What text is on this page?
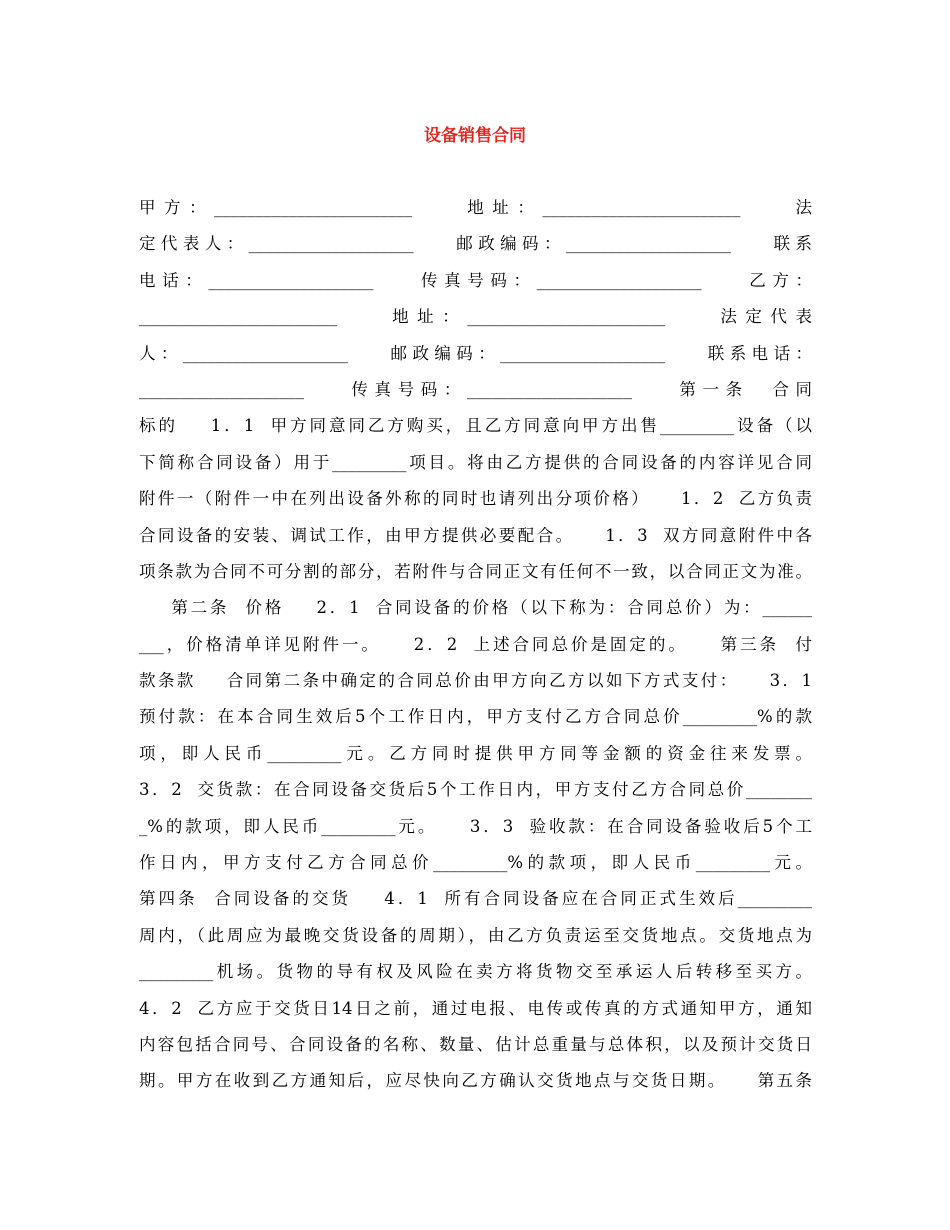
设备销售合同
甲方：________________________    地址：________________________    法
定代表人：____________________    邮政编码：____________________    联系
电话：____________________    传真号码：____________________    乙方：
________________________    地址：________________________    法定代表
人：____________________    邮政编码：____________________    联系电话：
____________________    传真号码：____________________    第一条  合同
标的    1．1  甲方同意同乙方购买，且乙方同意向甲方出售_________设备（以
下简称合同设备）用于_________项目。将由乙方提供的合同设备的内容详见合同
附件一（附件一中在列出设备外称的同时也请列出分项价格）    1．2  乙方负责
合同设备的安装、调试工作，由甲方提供必要配合。    1．3  双方同意附件中各
项条款为合同不可分割的部分，若附件与合同正文有任何不一致，以合同正文为准。
第二条  价格    2．1  合同设备的价格（以下称为：合同总价）为：______
___，价格清单详见附件一。    2．2  上述合同总价是固定的。    第三条  付
款条款    合同第二条中确定的合同总价由甲方向乙方以如下方式支付：    3．1
预付款：在本合同生效后5个工作日内，甲方支付乙方合同总价_________%的款
项，即人民币_________元。乙方同时提供甲方同等金额的资金往来发票。
3．2  交货款：在合同设备交货后5个工作日内，甲方支付乙方合同总价________
_%的款项，即人民币_________元。    3．3  验收款：在合同设备验收后5个工
作日内，甲方支付乙方合同总价_________%的款项，即人民币_________元。
第四条  合同设备的交货    4．1  所有合同设备应在合同正式生效后_________
周内，（此周应为最晚交货设备的周期），由乙方负责运至交货地点。交货地点为
_________机场。货物的导有权及风险在卖方将货物交至承运人后转移至买方。
4．2  乙方应于交货日14日之前，通过电报、电传或传真的方式通知甲方，通知
内容包括合同号、合同设备的名称、数量、估计总重量与总体积，以及预计交货日
期。甲方在收到乙方通知后，应尽快向乙方确认交货地点与交货日期。    第五条
